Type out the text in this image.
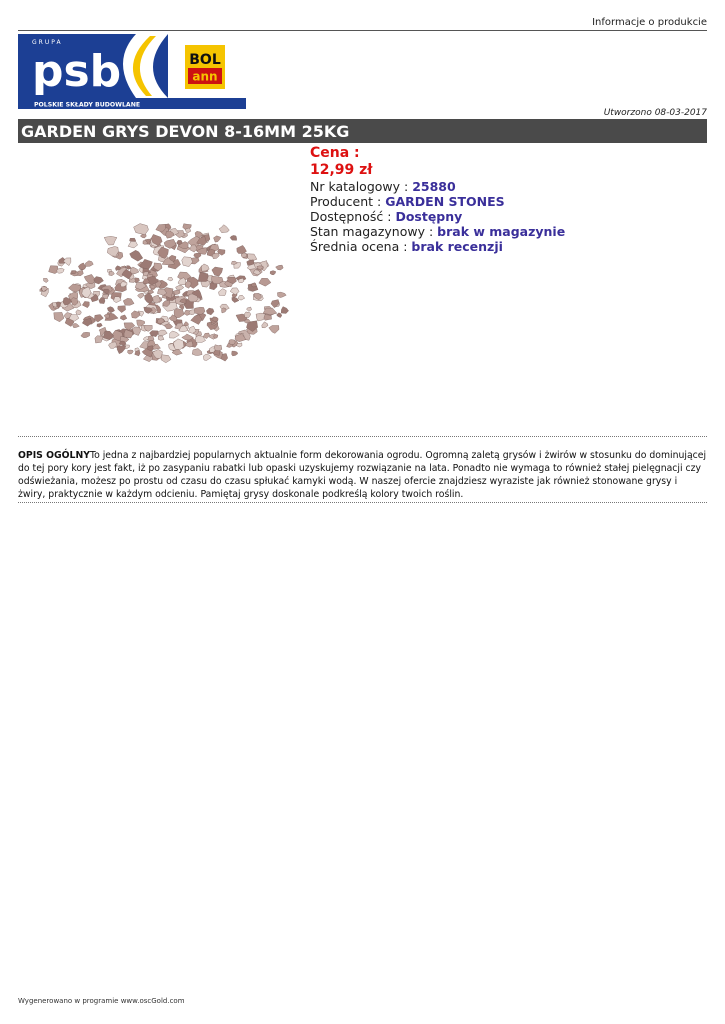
Informacje o produkcie
GRUPA
psb
POLSKIE SKŁADY BUDOWLANE
BOL
ann
Utworzono 08-03-2017
GARDEN GRYS DEVON 8-16MM 25KG
Cena :
12,99 zł
Nr katalogowy : 25880
Producent : GARDEN STONES
Dostępność : Dostępny
Stan magazynowy : brak w magazynie
Średnia ocena : brak recenzji
OPIS OGÓLNYTo jedna z najbardziej popularnych aktualnie form dekorowania ogrodu. Ogromną zaletą grysów i żwirów w stosunku do dominującej do tej pory kory jest fakt, iż po zasypaniu rabatki lub opaski uzyskujemy rozwiązanie na lata. Ponadto nie wymaga to również stałej pielęgnacji czy odświeżania, możesz po prostu od czasu do czasu spłukać kamyki wodą. W naszej ofercie znajdziesz wyraziste jak również stonowane grysy i żwiry, praktycznie w każdym odcieniu. Pamiętaj grysy doskonale podkreślą kolory twoich roślin.
Wygenerowano w programie www.oscGold.com
